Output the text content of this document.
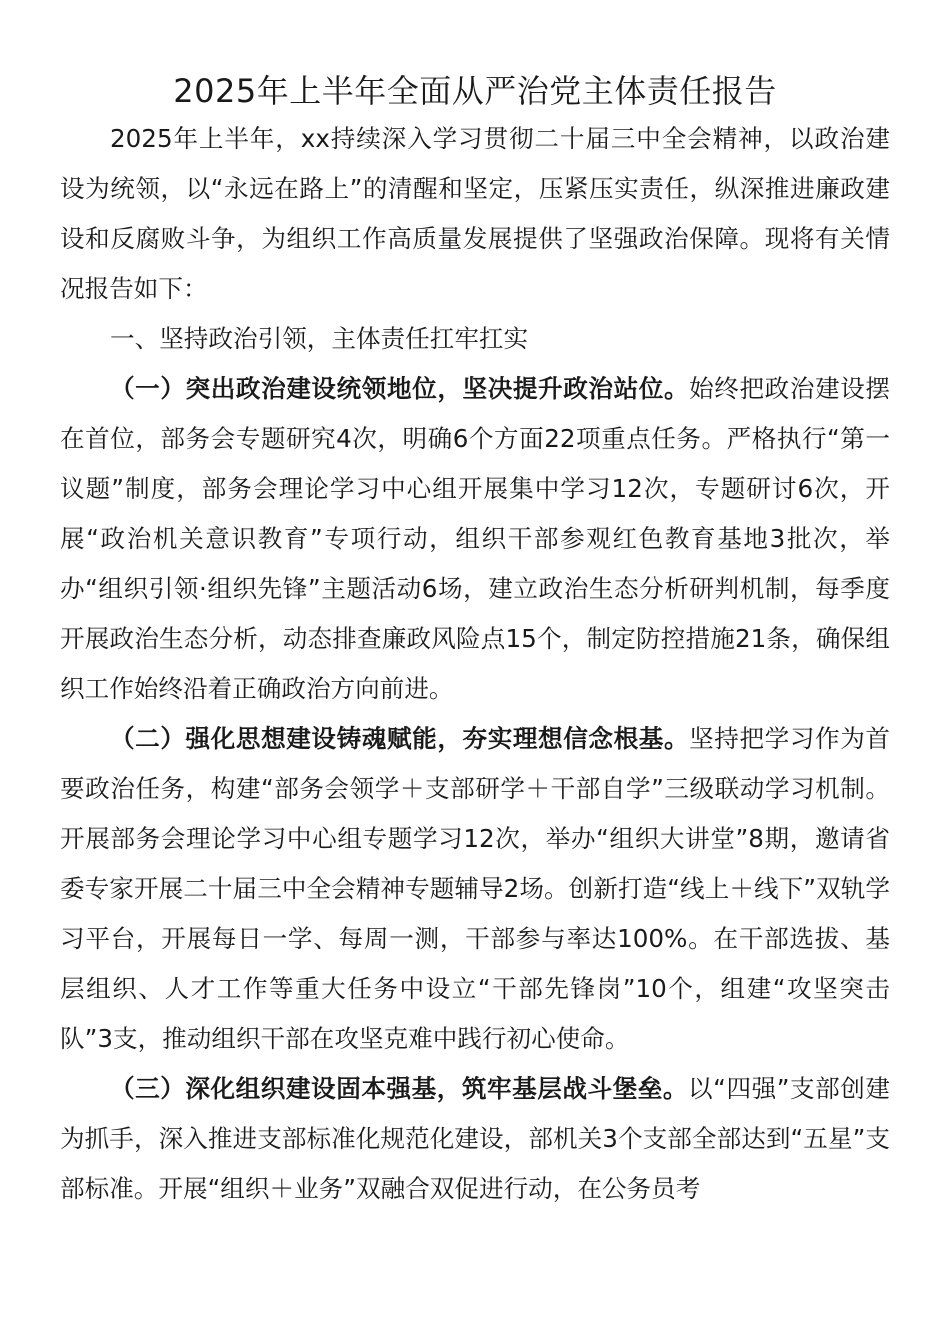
2025年上半年全面从严治党主体责任报告

2025年上半年，xx持续深入学习贯彻二十届三中全会精神，以政治建设为统领，以“永远在路上”的清醒和坚定，压紧压实责任，纵深推进廉政建设和反腐败斗争，为组织工作高质量发展提供了坚强政治保障。现将有关情况报告如下：

一、坚持政治引领，主体责任扛牢扛实

（一）突出政治建设统领地位，坚决提升政治站位。始终把政治建设摆在首位，部务会专题研究4次，明确6个方面22项重点任务。严格执行“第一议题”制度，部务会理论学习中心组开展集中学习12次，专题研讨6次，开展“政治机关意识教育”专项行动，组织干部参观红色教育基地3批次，举办“组织引领·组织先锋”主题活动6场，建立政治生态分析研判机制，每季度开展政治生态分析，动态排查廉政风险点15个，制定防控措施21条，确保组织工作始终沿着正确政治方向前进。

（二）强化思想建设铸魂赋能，夯实理想信念根基。坚持把学习作为首要政治任务，构建“部务会领学＋支部研学＋干部自学”三级联动学习机制。开展部务会理论学习中心组专题学习12次，举办“组织大讲堂”8期，邀请省委专家开展二十届三中全会精神专题辅导2场。创新打造“线上＋线下”双轨学习平台，开展每日一学、每周一测，干部参与率达100%。在干部选拔、基层组织、人才工作等重大任务中设立“干部先锋岗”10个，组建“攻坚突击队”3支，推动组织干部在攻坚克难中践行初心使命。

（三）深化组织建设固本强基，筑牢基层战斗堡垒。以“四强”支部创建为抓手，深入推进支部标准化规范化建设，部机关3个支部全部达到“五星”支部标准。开展“组织＋业务”双融合双促进行动，在公务员考
